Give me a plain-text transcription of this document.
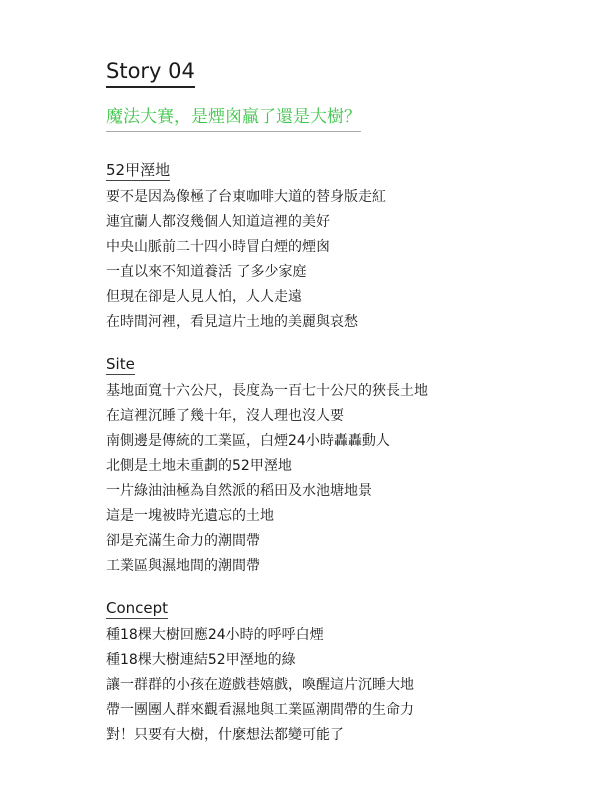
Story 04
魔法大賽，是煙囪贏了還是大樹？
52甲溼地

要不是因為像極了台東咖啡大道的替身版走紅

連宜蘭人都沒幾個人知道這裡的美好

中央山脈前二十四小時冒白煙的煙囪

一直以來不知道養活 了多少家庭

但現在卻是人見人怕，人人走遠

在時間河裡，看見這片土地的美麗與哀愁

Site

基地面寬十六公尺，長度為一百七十公尺的狹長土地

在這裡沉睡了幾十年，沒人理也沒人要

南側邊是傳統的工業區，白煙24小時轟轟動人

北側是土地未重劃的52甲溼地

一片綠油油極為自然派的稻田及水池塘地景

這是一塊被時光遺忘的土地

卻是充滿生命力的潮間帶

工業區與濕地間的潮間帶

Concept

種18棵大樹回應24小時的呼呼白煙

種18棵大樹連結52甲溼地的綠

讓一群群的小孩在遊戲巷嬉戲，喚醒這片沉睡大地

帶一團團人群來觀看濕地與工業區潮間帶的生命力

對！只要有大樹，什麼想法都變可能了
